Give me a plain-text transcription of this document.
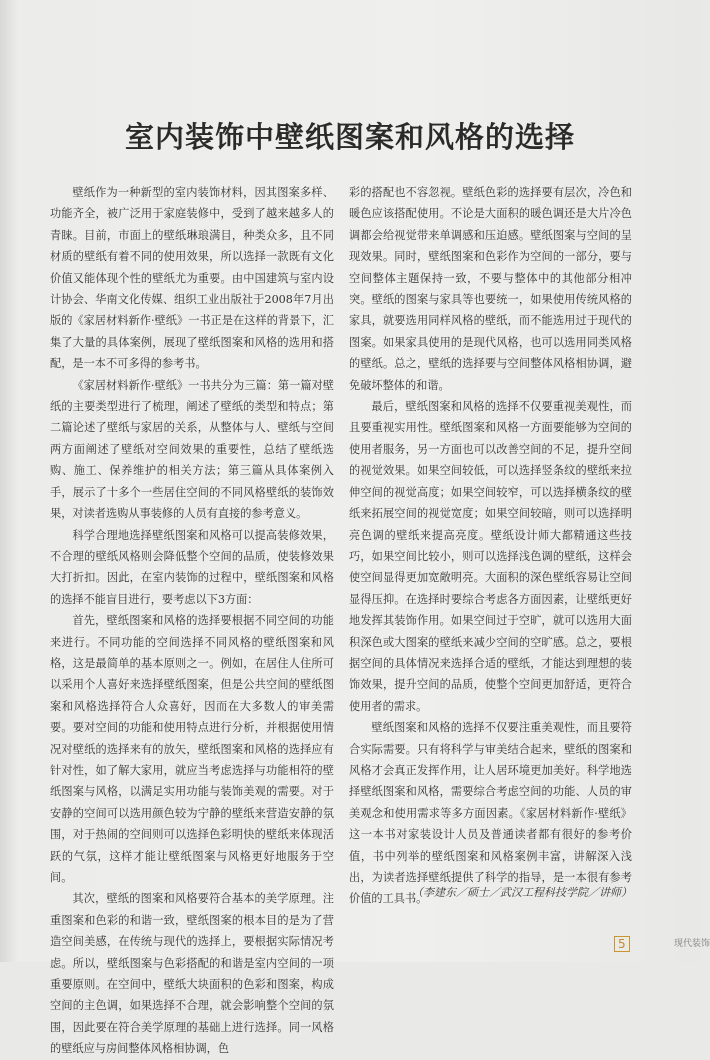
室内装饰中壁纸图案和风格的选择

壁纸作为一种新型的室内装饰材料，因其图案多样、功能齐全，被广泛用于家庭装修中，受到了越来越多人的青睐。目前，市面上的壁纸琳琅满目，种类众多，且不同材质的壁纸有着不同的使用效果，所以选择一款既有文化价值又能体现个性的壁纸尤为重要。由中国建筑与室内设计协会、华南文化传媒、组织工业出版社于2008年7月出版的《家居材料新作·壁纸》一书正是在这样的背景下，汇集了大量的具体案例，展现了壁纸图案和风格的选用和搭配，是一本不可多得的参考书。

《家居材料新作·壁纸》一书共分为三篇：第一篇对壁纸的主要类型进行了梳理，阐述了壁纸的类型和特点；第二篇论述了壁纸与家居的关系，从整体与人、壁纸与空间两方面阐述了壁纸对空间效果的重要性，总结了壁纸选购、施工、保养维护的相关方法；第三篇从具体案例入手，展示了十多个一些居住空间的不同风格壁纸的装饰效果，对读者选购从事装修的人员有直接的参考意义。

科学合理地选择壁纸图案和风格可以提高装修效果，不合理的壁纸风格则会降低整个空间的品质，使装修效果大打折扣。因此，在室内装饰的过程中，壁纸图案和风格的选择不能盲目进行，要考虑以下3方面：

首先，壁纸图案和风格的选择要根据不同空间的功能来进行。不同功能的空间选择不同风格的壁纸图案和风格，这是最简单的基本原则之一。例如，在居住人住所可以采用个人喜好来选择壁纸图案，但是公共空间的壁纸图案和风格选择符合人众喜好，因而在大多数人的审美需要。要对空间的功能和使用特点进行分析，并根据使用情况对壁纸的选择来有的放矢，壁纸图案和风格的选择应有针对性，如了解大家用，就应当考虑选择与功能相符的壁纸图案与风格，以满足实用功能与装饰美观的需要。对于安静的空间可以选用颜色较为宁静的壁纸来营造安静的氛围，对于热闹的空间则可以选择色彩明快的壁纸来体现活跃的气氛，这样才能让壁纸图案与风格更好地服务于空间。

其次，壁纸的图案和风格要符合基本的美学原理。注重图案和色彩的和谐一致，壁纸图案的根本目的是为了营造空间美感，在传统与现代的选择上，要根据实际情况考虑。所以，壁纸图案与色彩搭配的和谐是室内空间的一项重要原则。在空间中，壁纸大块面积的色彩和图案，构成空间的主色调，如果选择不合理，就会影响整个空间的氛围，因此要在符合美学原理的基础上进行选择。同一风格的壁纸应与房间整体风格相协调，色

彩的搭配也不容忽视。壁纸色彩的选择要有层次，冷色和暖色应该搭配使用。不论是大面积的暖色调还是大片冷色调都会给视觉带来单调感和压迫感。壁纸图案与空间的呈现效果。同时，壁纸图案和色彩作为空间的一部分，要与空间整体主题保持一致，不要与整体中的其他部分相冲突。壁纸的图案与家具等也要统一，如果使用传统风格的家具，就要选用同样风格的壁纸，而不能选用过于现代的图案。如果家具使用的是现代风格，也可以选用同类风格的壁纸。总之，壁纸的选择要与空间整体风格相协调，避免破坏整体的和谐。

最后，壁纸图案和风格的选择不仅要重视美观性，而且要重视实用性。壁纸图案和风格一方面要能够为空间的使用者服务，另一方面也可以改善空间的不足，提升空间的视觉效果。如果空间较低，可以选择竖条纹的壁纸来拉伸空间的视觉高度；如果空间较窄，可以选择横条纹的壁纸来拓展空间的视觉宽度；如果空间较暗，则可以选择明亮色调的壁纸来提高亮度。壁纸设计师大都精通这些技巧，如果空间比较小，则可以选择浅色调的壁纸，这样会使空间显得更加宽敞明亮。大面积的深色壁纸容易让空间显得压抑。在选择时要综合考虑各方面因素，让壁纸更好地发挥其装饰作用。如果空间过于空旷，就可以选用大面积深色或大图案的壁纸来减少空间的空旷感。总之，要根据空间的具体情况来选择合适的壁纸，才能达到理想的装饰效果，提升空间的品质，使整个空间更加舒适，更符合使用者的需求。

壁纸图案和风格的选择不仅要注重美观性，而且要符合实际需要。只有将科学与审美结合起来，壁纸的图案和风格才会真正发挥作用，让人居环境更加美好。科学地选择壁纸图案和风格，需要综合考虑空间的功能、人员的审美观念和使用需求等多方面因素。《家居材料新作·壁纸》这一本书对家装设计人员及普通读者都有很好的参考价值，书中列举的壁纸图案和风格案例丰富，讲解深入浅出，为读者选择壁纸提供了科学的指导，是一本很有参考价值的工具书。

（李建东／硕士／武汉工程科技学院／讲师）
5	现代装饰
